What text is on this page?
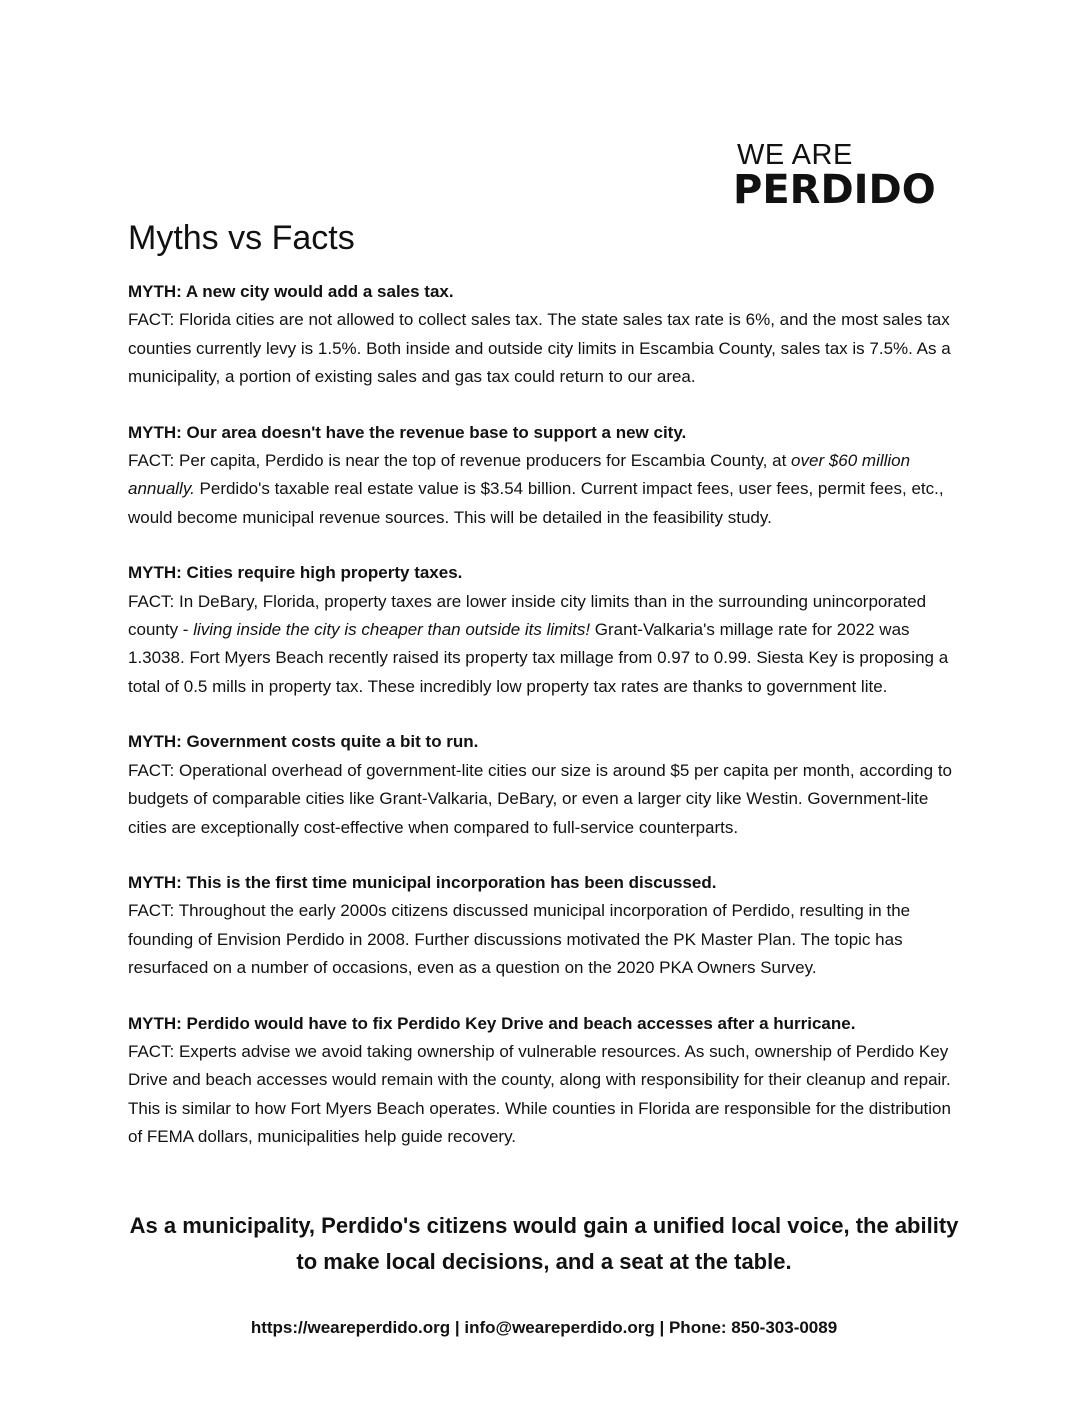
WE ARE
PERDIDO
Myths vs Facts
MYTH: A new city would add a sales tax.
FACT: Florida cities are not allowed to collect sales tax. The state sales tax rate is 6%, and the most sales tax counties currently levy is 1.5%. Both inside and outside city limits in Escambia County, sales tax is 7.5%. As a municipality, a portion of existing sales and gas tax could return to our area.
MYTH: Our area doesn't have the revenue base to support a new city.
FACT: Per capita, Perdido is near the top of revenue producers for Escambia County, at over $60 million annually. Perdido's taxable real estate value is $3.54 billion. Current impact fees, user fees, permit fees, etc., would become municipal revenue sources. This will be detailed in the feasibility study.
MYTH: Cities require high property taxes.
FACT: In DeBary, Florida, property taxes are lower inside city limits than in the surrounding unincorporated county - living inside the city is cheaper than outside its limits! Grant-Valkaria's millage rate for 2022 was 1.3038. Fort Myers Beach recently raised its property tax millage from 0.97 to 0.99. Siesta Key is proposing a total of 0.5 mills in property tax. These incredibly low property tax rates are thanks to government lite.
MYTH: Government costs quite a bit to run.
FACT: Operational overhead of government-lite cities our size is around $5 per capita per month, according to budgets of comparable cities like Grant-Valkaria, DeBary, or even a larger city like Westin. Government-lite cities are exceptionally cost-effective when compared to full-service counterparts.
MYTH: This is the first time municipal incorporation has been discussed.
FACT: Throughout the early 2000s citizens discussed municipal incorporation of Perdido, resulting in the founding of Envision Perdido in 2008. Further discussions motivated the PK Master Plan. The topic has resurfaced on a number of occasions, even as a question on the 2020 PKA Owners Survey.
MYTH: Perdido would have to fix Perdido Key Drive and beach accesses after a hurricane.
FACT: Experts advise we avoid taking ownership of vulnerable resources. As such, ownership of Perdido Key Drive and beach accesses would remain with the county, along with responsibility for their cleanup and repair. This is similar to how Fort Myers Beach operates. While counties in Florida are responsible for the distribution of FEMA dollars, municipalities help guide recovery.

As a municipality, Perdido's citizens would gain a unified local voice, the ability to make local decisions, and a seat at the table.

https://weareperdido.org | info@weareperdido.org | Phone: 850-303-0089
